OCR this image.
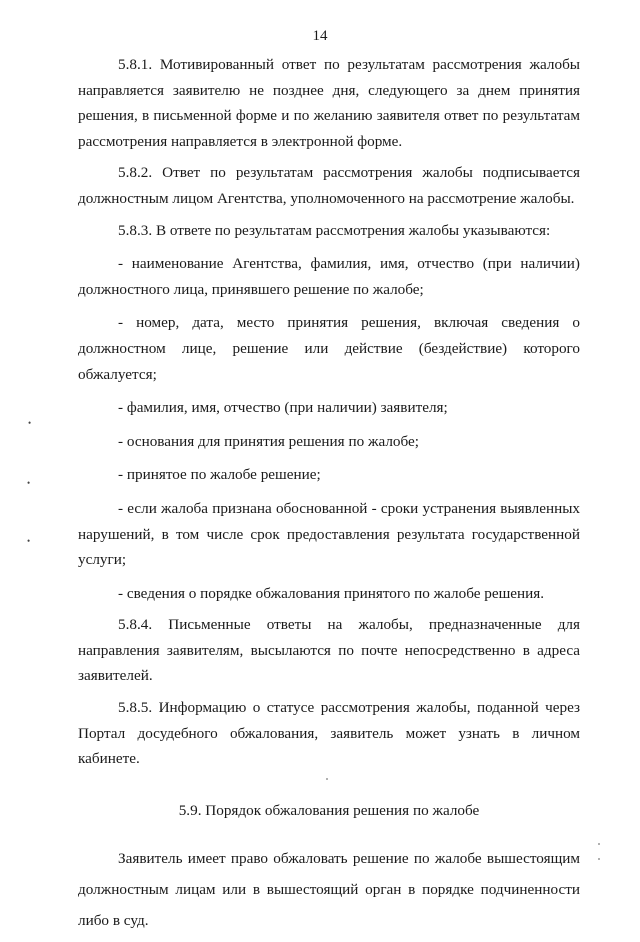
14

5.8.1. Мотивированный ответ по результатам рассмотрения жалобы направляется заявителю не позднее дня, следующего за днем принятия решения, в письменной форме и по желанию заявителя ответ по результатам рассмотрения направляется в электронной форме.

5.8.2. Ответ по результатам рассмотрения жалобы подписывается должностным лицом Агентства, уполномоченного на рассмотрение жалобы.

5.8.3. В ответе по результатам рассмотрения жалобы указываются:

- наименование Агентства, фамилия, имя, отчество (при наличии) должностного лица, принявшего решение по жалобе;

- номер, дата, место принятия решения, включая сведения о должностном лице, решение или действие (бездействие) которого обжалуется;

- фамилия, имя, отчество (при наличии) заявителя;

- основания для принятия решения по жалобе;

- принятое по жалобе решение;

- если жалоба признана обоснованной - сроки устранения выявленных нарушений, в том числе срок предоставления результата государственной услуги;

- сведения о порядке обжалования принятого по жалобе решения.

5.8.4. Письменные ответы на жалобы, предназначенные для направления заявителям, высылаются по почте непосредственно в адреса заявителей.

5.8.5. Информацию о статусе рассмотрения жалобы, поданной через Портал досудебного обжалования, заявитель может узнать в личном кабинете.

5.9. Порядок обжалования решения по жалобе

Заявитель имеет право обжаловать решение по жалобе вышестоящим должностным лицам или в вышестоящий орган в порядке подчиненности либо в суд.

•
•
•
